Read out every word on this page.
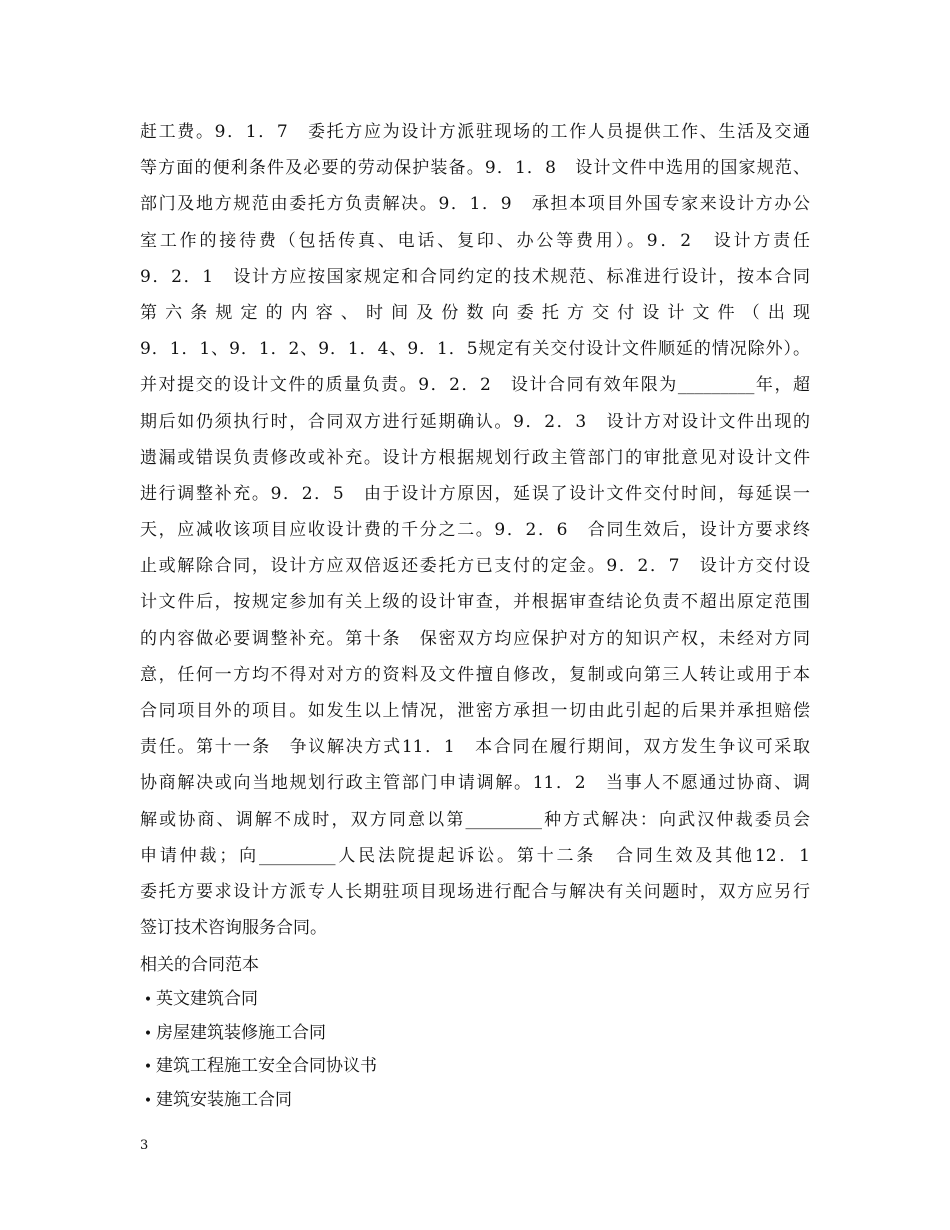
赶工费。9．1．7　委托方应为设计方派驻现场的工作人员提供工作、生活及交通
等方面的便利条件及必要的劳动保护装备。9．1．8　设计文件中选用的国家规范、
部门及地方规范由委托方负责解决。9．1．9　承担本项目外国专家来设计方办公
室工作的接待费（包括传真、电话、复印、办公等费用）。9．2　设计方责任
9．2．1　设计方应按国家规定和合同约定的技术规范、标准进行设计，按本合同
第六条规定的内容、时间及份数向委托方交付设计文件（出现
9．1．1、9．1．2、9．1．4、9．1．5规定有关交付设计文件顺延的情况除外）。
并对提交的设计文件的质量负责。9．2．2　设计合同有效年限为_________年，超
期后如仍须执行时，合同双方进行延期确认。9．2．3　设计方对设计文件出现的
遗漏或错误负责修改或补充。设计方根据规划行政主管部门的审批意见对设计文件
进行调整补充。9．2．5　由于设计方原因，延误了设计文件交付时间，每延误一
天，应减收该项目应收设计费的千分之二。9．2．6　合同生效后，设计方要求终
止或解除合同，设计方应双倍返还委托方已支付的定金。9．2．7　设计方交付设
计文件后，按规定参加有关上级的设计审查，并根据审查结论负责不超出原定范围
的内容做必要调整补充。第十条　保密双方均应保护对方的知识产权，未经对方同
意，任何一方均不得对对方的资料及文件擅自修改，复制或向第三人转让或用于本
合同项目外的项目。如发生以上情况，泄密方承担一切由此引起的后果并承担赔偿
责任。第十一条　争议解决方式11．1　本合同在履行期间，双方发生争议可采取
协商解决或向当地规划行政主管部门申请调解。11．2　当事人不愿通过协商、调
解或协商、调解不成时，双方同意以第_________种方式解决：向武汉仲裁委员会
申请仲裁；向_________人民法院提起诉讼。第十二条　合同生效及其他12．1
委托方要求设计方派专人长期驻项目现场进行配合与解决有关问题时，双方应另行
签订技术咨询服务合同。
相关的合同范本
• 英文建筑合同
• 房屋建筑装修施工合同
• 建筑工程施工安全合同协议书
• 建筑安装施工合同
3
